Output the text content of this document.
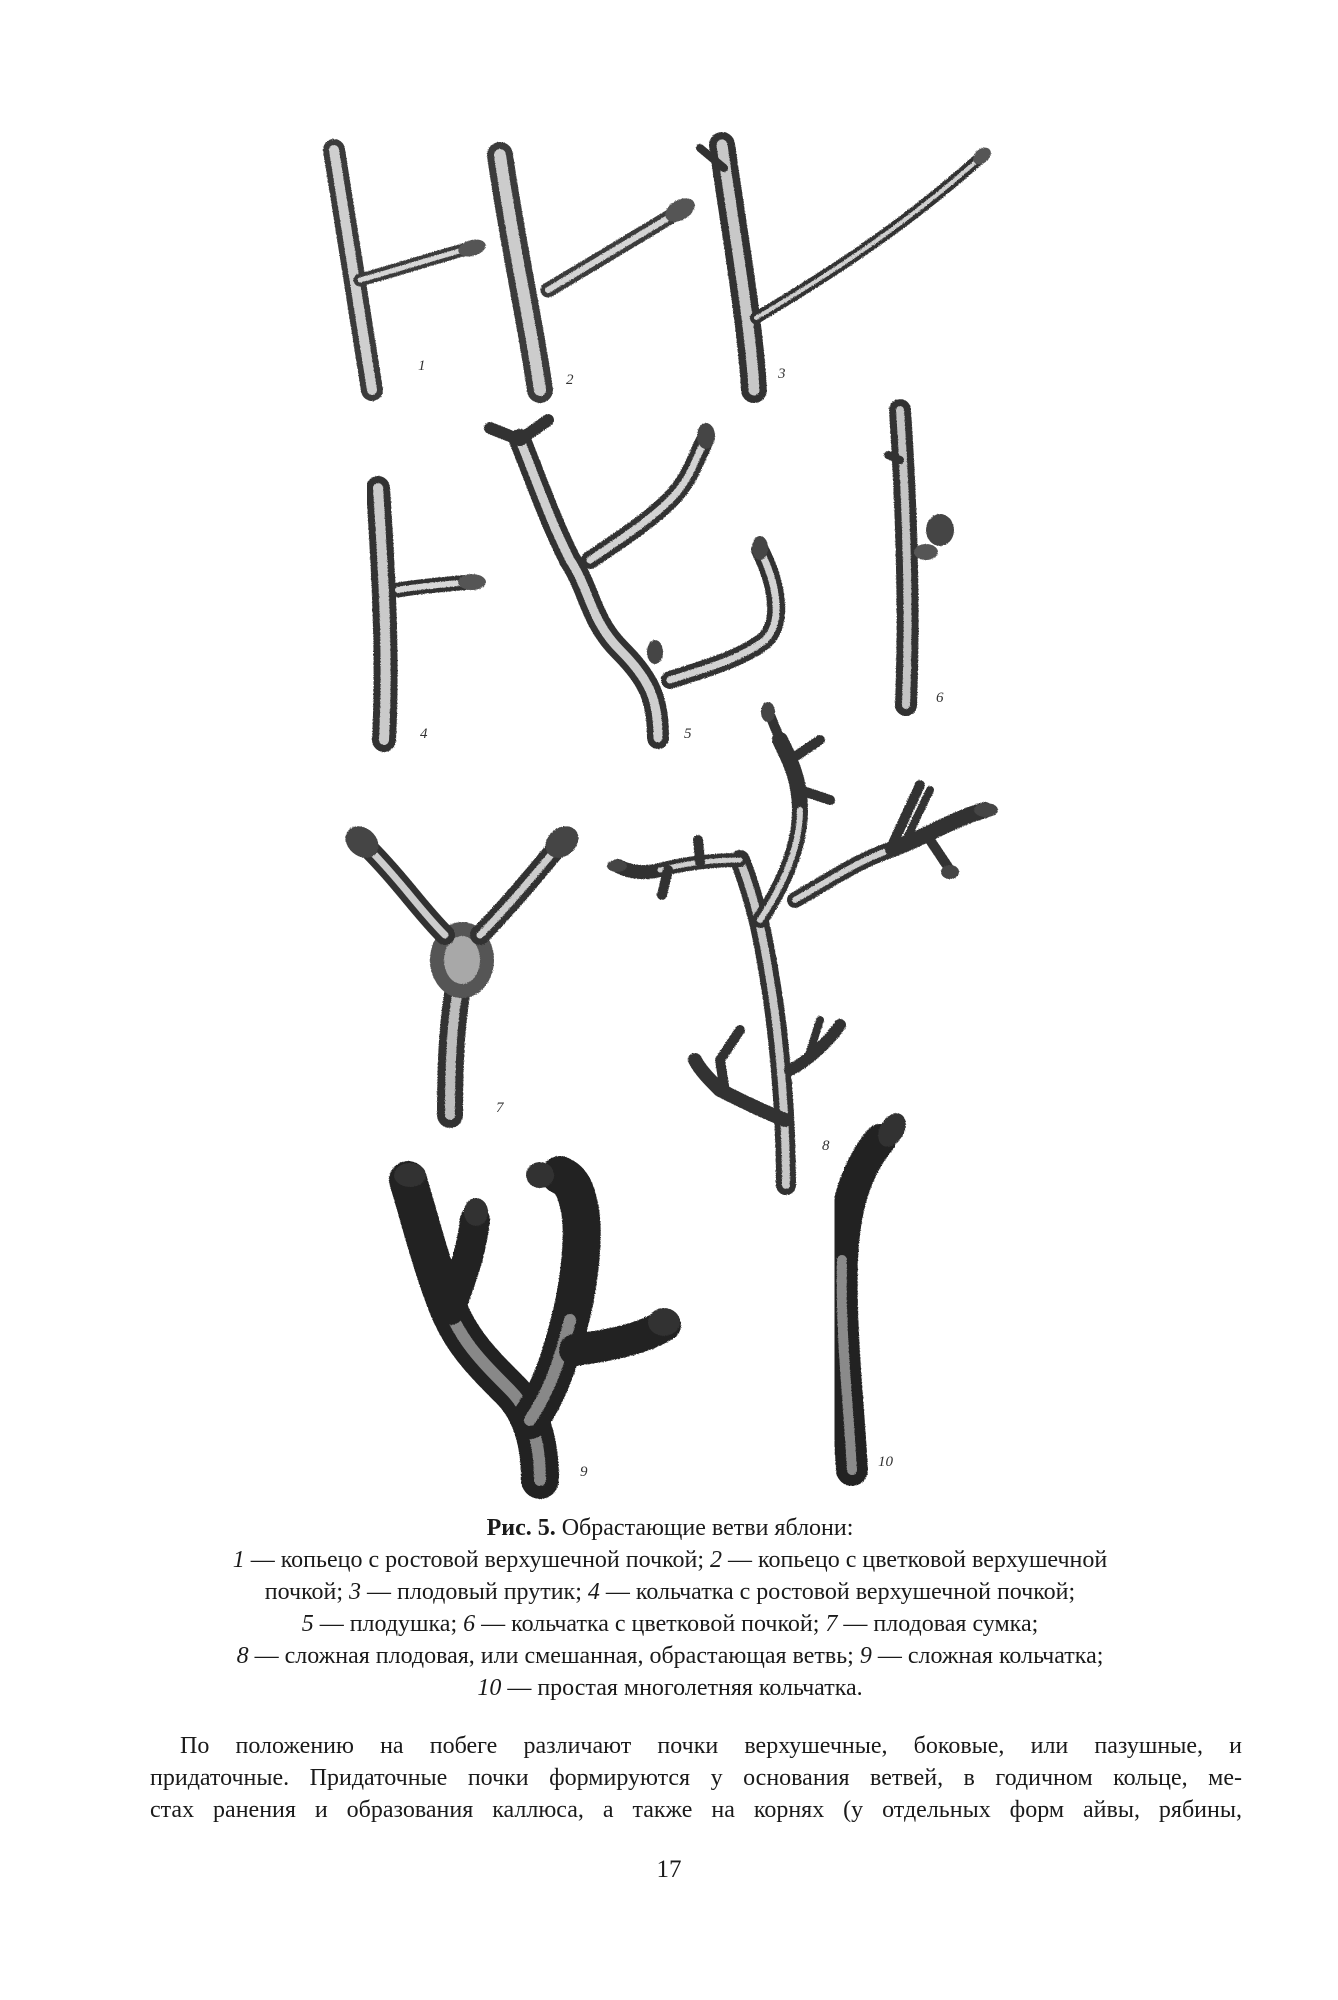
1
2	3
4	5
6
7
8
9
10
Рис. 5. Обрастающие ветви яблони:
1 — копьецо с ростовой верхушечной почкой; 2 — копьецо с цветковой верхушечной
почкой; 3 — плодовый прутик; 4 — кольчатка с ростовой верхушечной почкой;
5 — плодушка; 6 — кольчатка с цветковой почкой; 7 — плодовая сумка;
8 — сложная плодовая, или смешанная, обрастающая ветвь; 9 — сложная кольчатка;
10 — простая многолетняя кольчатка.
По положению на побеге различают почки верхушечные, боковые, или пазушные, и
придаточные. Придаточные почки формируются у основания ветвей, в годичном кольце, ме-
стах ранения и образования каллюса, а также на корнях (у отдельных форм айвы, рябины,
17
